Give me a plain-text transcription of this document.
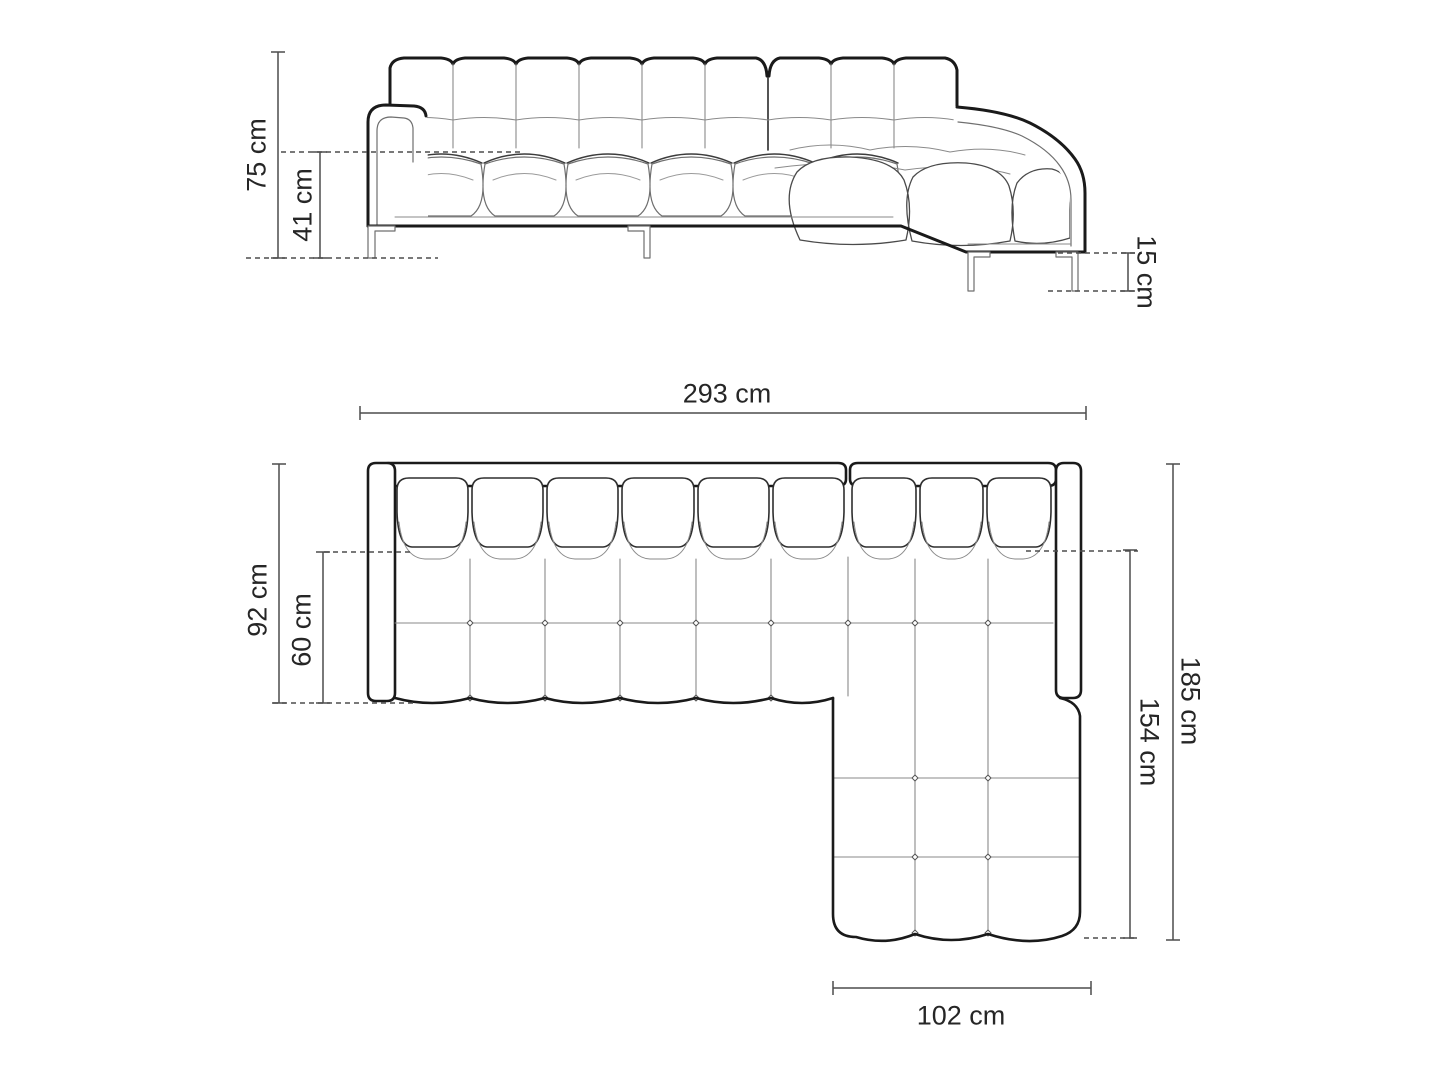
75 cm
41 cm
15 cm
293 cm
92 cm 60 cm
185 cm
154 cm
102 cm
